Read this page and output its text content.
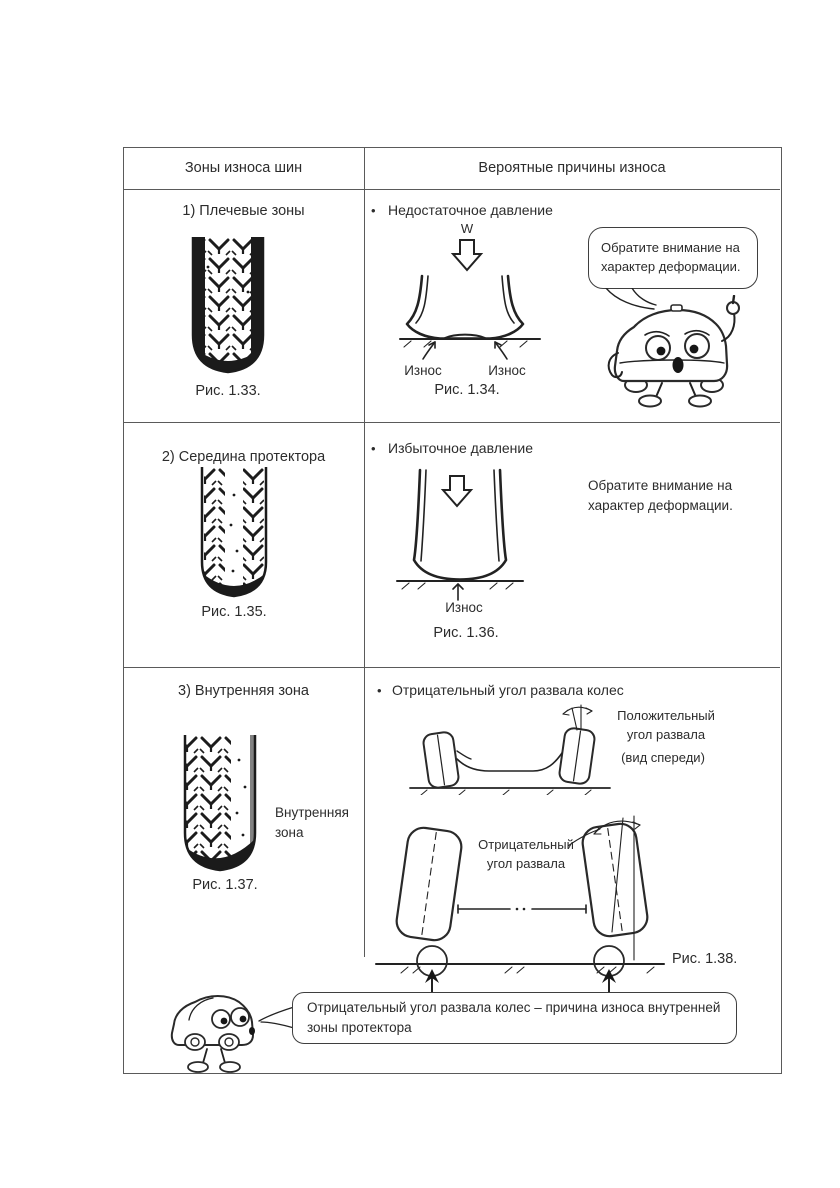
Зоны износа шин	Вероятные причины износа
1) Плечевые зоны
Рис. 1.33.
• Недостаточное давление
W
Износ	Износ
Рис. 1.34.
Обратите внимание на характер деформации.
2) Середина протектора
Рис. 1.35.
• Избыточное давление
Износ
Рис. 1.36.
Обратите внимание на характер деформации.
3) Внутренняя зона
Внутренняя зона
Рис. 1.37.
• Отрицательный угол развала колес
Положительный угол развала
(вид спереди)
Отрицательный угол развала
Рис. 1.38.
Отрицательный угол развала колес – причина износа внутренней зоны протектора
